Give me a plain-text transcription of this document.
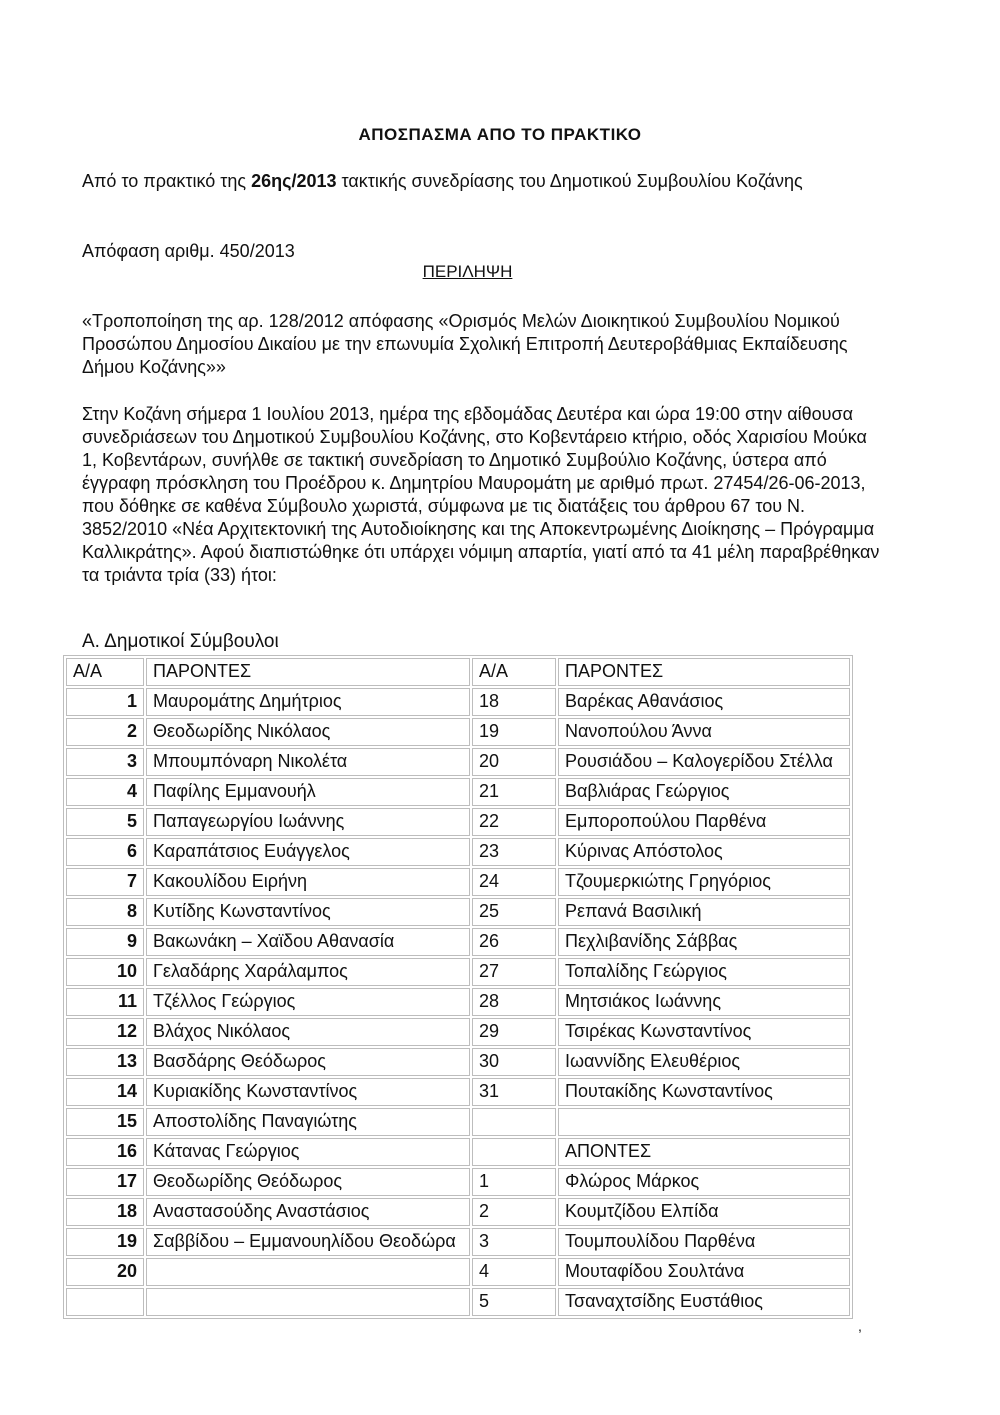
ΑΠΟΣΠΑΣΜΑ ΑΠΟ ΤΟ ΠΡΑΚΤΙΚΟ
Από το πρακτικό της 26ης/2013 τακτικής συνεδρίασης του Δημοτικού Συμβουλίου Κοζάνης
Απόφαση αριθμ. 450/2013
ΠΕΡΙΛΗΨΗ
«Τροποποίηση της αρ. 128/2012 απόφασης «Ορισμός Μελών Διοικητικού Συμβουλίου Νομικού Προσώπου Δημοσίου Δικαίου με την επωνυμία Σχολική Επιτροπή Δευτεροβάθμιας Εκπαίδευσης Δήμου Κοζάνης»»
Στην Κοζάνη σήμερα 1 Ιουλίου 2013, ημέρα της εβδομάδας Δευτέρα και ώρα 19:00 στην αίθουσα συνεδριάσεων του Δημοτικού Συμβουλίου Κοζάνης, στο Κοβεντάρειο κτήριο, οδός Χαρισίου Μούκα 1, Κοβεντάρων, συνήλθε σε τακτική συνεδρίαση το Δημοτικό Συμβούλιο Κοζάνης, ύστερα από έγγραφη πρόσκληση του Προέδρου κ. Δημητρίου Μαυρομάτη με αριθμό πρωτ. 27454/26-06-2013, που δόθηκε σε καθένα Σύμβουλο χωριστά, σύμφωνα με τις διατάξεις του άρθρου 67 του Ν. 3852/2010 «Νέα Αρχιτεκτονική της Αυτοδιοίκησης και της Αποκεντρωμένης Διοίκησης – Πρόγραμμα Καλλικράτης». Αφού διαπιστώθηκε ότι υπάρχει νόμιμη απαρτία, γιατί από τα 41 μέλη παραβρέθηκαν τα τριάντα τρία (33) ήτοι:
Α. Δημοτικοί Σύμβουλοι
Α/Α	ΠΑΡΟΝΤΕΣ	Α/Α	ΠΑΡΟΝΤΕΣ
1	Μαυρομάτης Δημήτριος	18	Βαρέκας Αθανάσιος
2	Θεοδωρίδης Νικόλαος	19	Νανοπούλου Άννα
3	Μπουμπόναρη Νικολέτα	20	Ρουσιάδου – Καλογερίδου Στέλλα
4	Παφίλης Εμμανουήλ	21	Βαβλιάρας Γεώργιος
5	Παπαγεωργίου Ιωάννης	22	Εμποροπούλου Παρθένα
6	Καραπάτσιος Ευάγγελος	23	Κύρινας Απόστολος
7	Κακουλίδου Ειρήνη	24	Τζουμερκιώτης Γρηγόριος
8	Κυτίδης Κωνσταντίνος	25	Ρεπανά Βασιλική
9	Βακωνάκη – Χαϊδου Αθανασία	26	Πεχλιβανίδης Σάββας
10	Γελαδάρης Χαράλαμπος	27	Τοπαλίδης Γεώργιος
11	Τζέλλος Γεώργιος	28	Μητσιάκος Ιωάννης
12	Βλάχος Νικόλαος	29	Τσιρέκας Κωνσταντίνος
13	Βασδάρης Θεόδωρος	30	Ιωαννίδης Ελευθέριος
14	Κυριακίδης Κωνσταντίνος	31	Πουτακίδης Κωνσταντίνος
15	Αποστολίδης Παναγιώτης		
16	Κάτανας Γεώργιος		ΑΠΟΝΤΕΣ
17	Θεοδωρίδης Θεόδωρος	1	Φλώρος Μάρκος
18	Αναστασούδης Αναστάσιος	2	Κουμτζίδου Ελπίδα
19	Σαββίδου – Εμμανουηλίδου Θεοδώρα	3	Τουμπουλίδου Παρθένα
20		4	Μουταφίδου Σουλτάνα
		5	Τσαναχτσίδης Ευστάθιος
,
